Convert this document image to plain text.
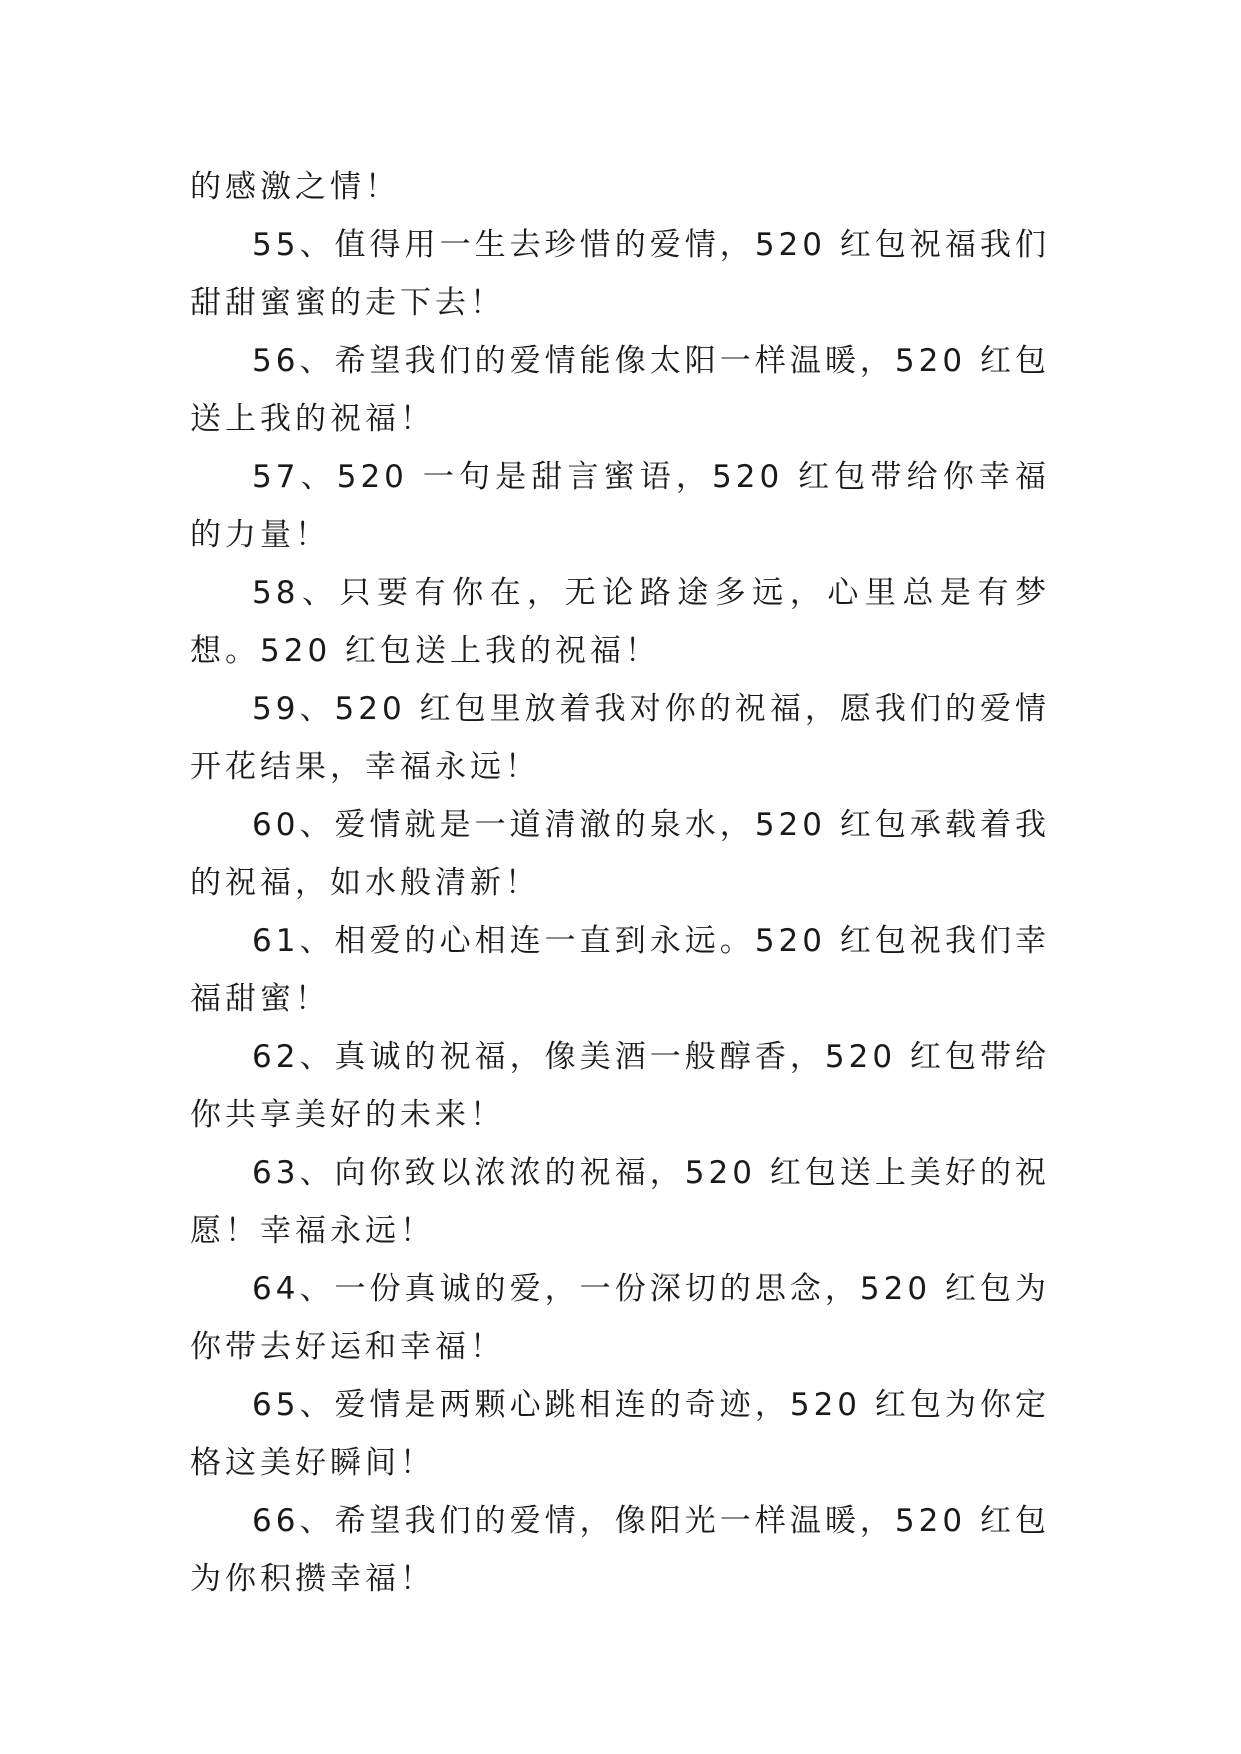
的感激之情！

55、值得用一生去珍惜的爱情，520 红包祝福我们甜甜蜜蜜的走下去！

56、希望我们的爱情能像太阳一样温暖，520 红包送上我的祝福！

57、520 一句是甜言蜜语，520 红包带给你幸福的力量！

58、只要有你在，无论路途多远，心里总是有梦想。520 红包送上我的祝福！

59、520 红包里放着我对你的祝福，愿我们的爱情开花结果，幸福永远！

60、爱情就是一道清澈的泉水，520 红包承载着我的祝福，如水般清新！

61、相爱的心相连一直到永远。520 红包祝我们幸福甜蜜！

62、真诚的祝福，像美酒一般醇香，520 红包带给你共享美好的未来！

63、向你致以浓浓的祝福，520 红包送上美好的祝愿！幸福永远！

64、一份真诚的爱，一份深切的思念，520 红包为你带去好运和幸福！

65、爱情是两颗心跳相连的奇迹，520 红包为你定格这美好瞬间！

66、希望我们的爱情，像阳光一样温暖，520 红包为你积攒幸福！
